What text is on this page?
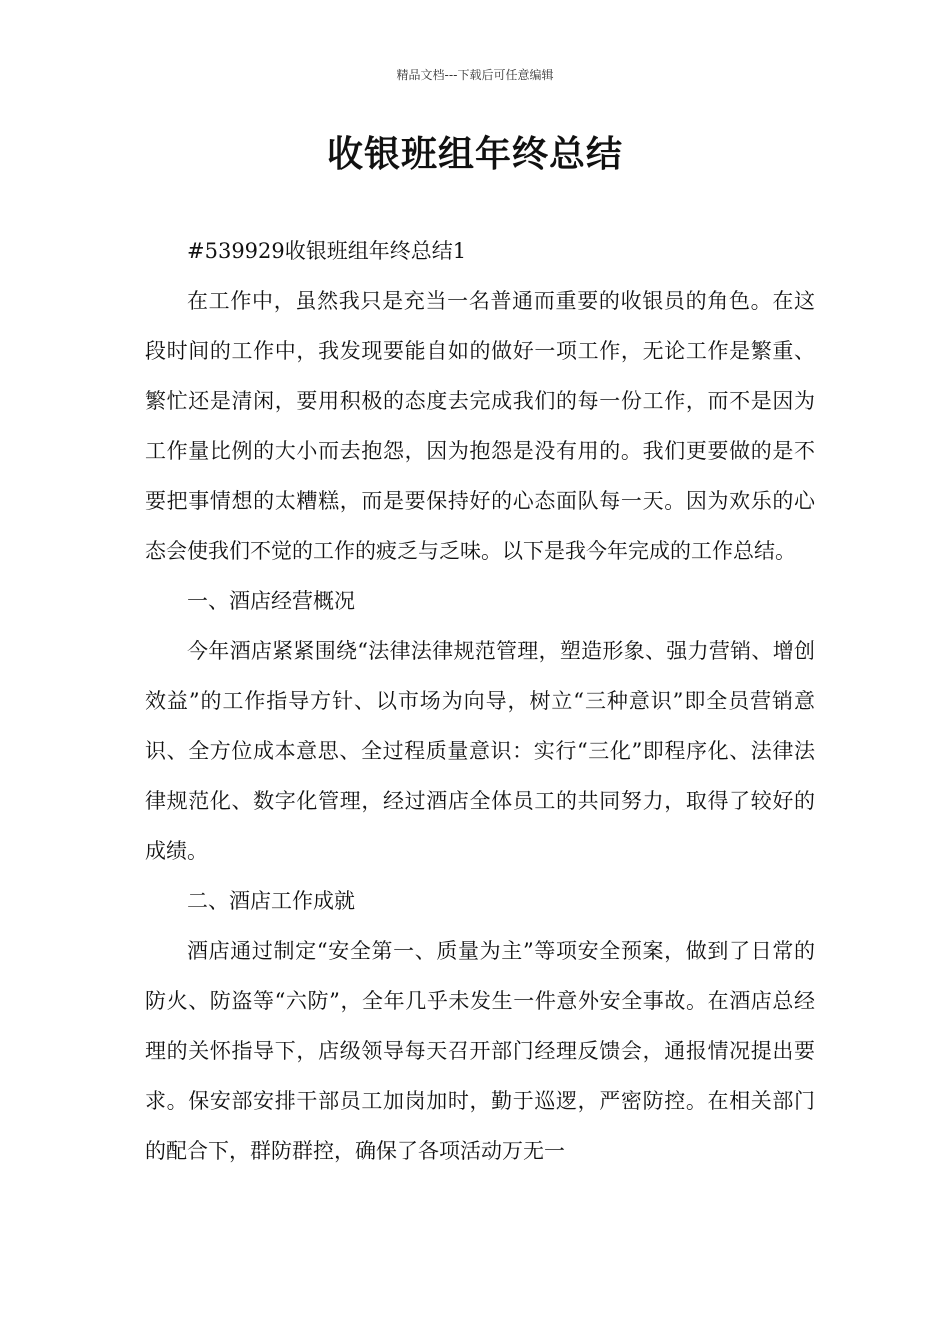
精品文档---下载后可任意编辑
收银班组年终总结

#539929收银班组年终总结1

在工作中，虽然我只是充当一名普通而重要的收银员的角色。在这段时间的工作中，我发现要能自如的做好一项工作，无论工作是繁重、繁忙还是清闲，要用积极的态度去完成我们的每一份工作，而不是因为工作量比例的大小而去抱怨，因为抱怨是没有用的。我们更要做的是不要把事情想的太糟糕，而是要保持好的心态面队每一天。因为欢乐的心态会使我们不觉的工作的疲乏与乏味。以下是我今年完成的工作总结。

一、酒店经营概况

今年酒店紧紧围绕“法律法律规范管理，塑造形象、强力营销、增创效益”的工作指导方针、以市场为向导，树立“三种意识”即全员营销意识、全方位成本意思、全过程质量意识：实行“三化”即程序化、法律法律规范化、数字化管理，经过酒店全体员工的共同努力，取得了较好的成绩。

二、酒店工作成就

酒店通过制定“安全第一、质量为主”等项安全预案，做到了日常的防火、防盗等“六防”，全年几乎未发生一件意外安全事故。在酒店总经理的关怀指导下，店级领导每天召开部门经理反馈会，通报情况提出要求。保安部安排干部员工加岗加时，勤于巡逻，严密防控。在相关部门的配合下，群防群控，确保了各项活动万无一
